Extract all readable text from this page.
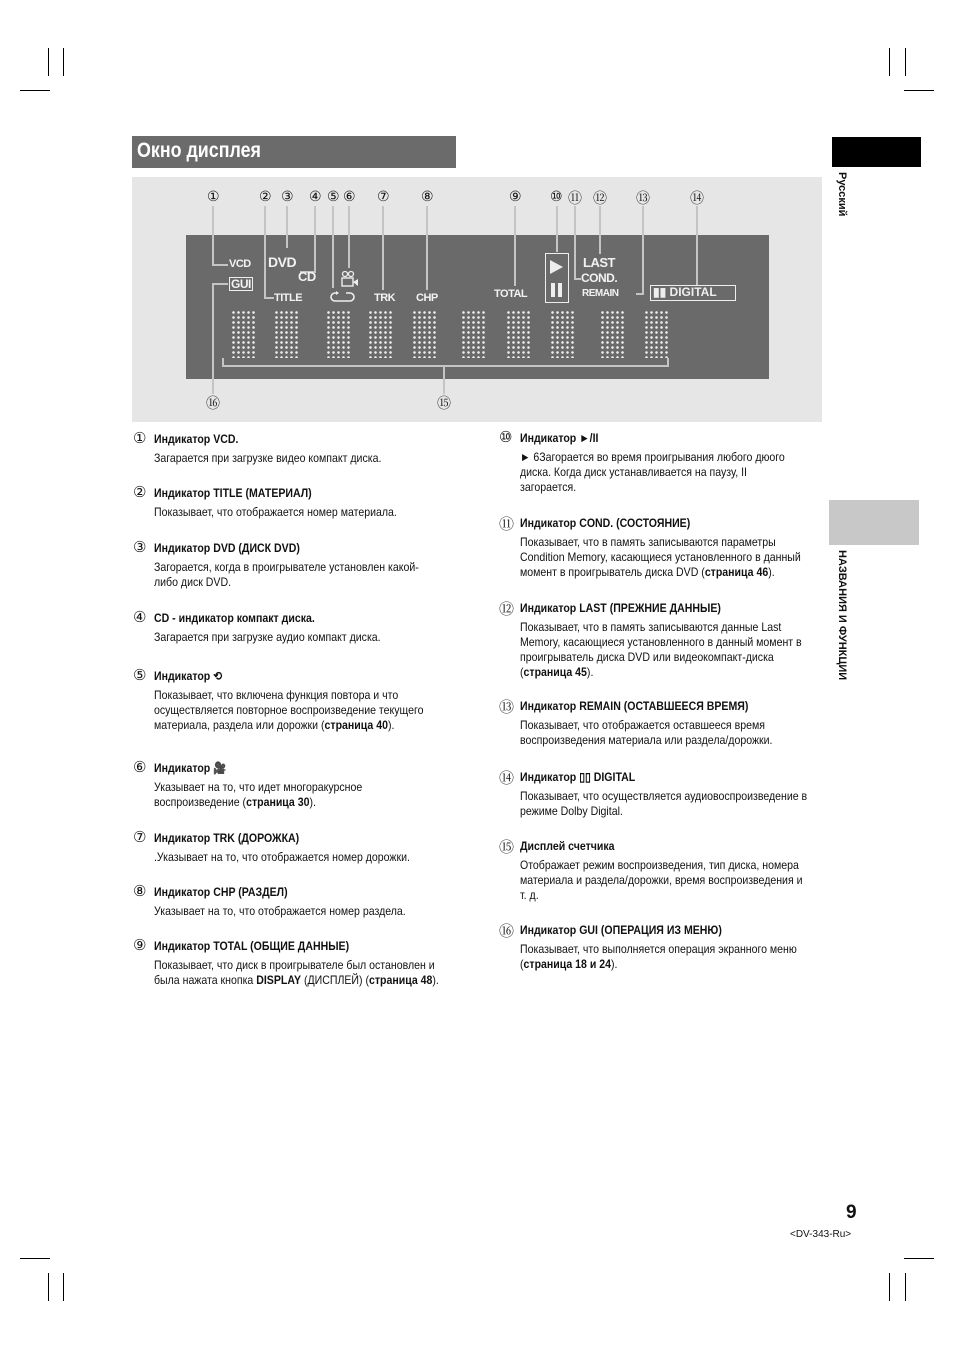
Окно дисплея
Русский
НАЗВАНИЯ И ФУНКЦИИ
①	② ③ ④ ⑤ ⑥ ⑦ ⑧	⑨ ⑩ ⑪ ⑫ ⑬	⑭
⑮
⑯
VCD
GUI
DVD
CD
TITLE	TRK CHP	TOTAL
LAST
COND.
REMAIN	▮▮ DIGITAL
① Индикатор VCD.
Загарается при загрузке видео компакт диска.
② Индикатор TITLE (МАТЕРИАЛ)
Показывает, что отображается номер материала.
③ Индикатор DVD (ДИСК DVD)
Загорается, когда в проигрывателе установлен какой-
либо диск DVD.
④ CD - индикатор компакт диска.
Загарается при загрузке аудио компакт диска.
⑤ Индикатор ⟲
Показывает, что включена функция повтора и что
осуществляется повторное воспроизведение текущего
материала, раздела или дорожки (страница 40).
⑥ Индикатор 🎥
Указывает на то, что идет многоракурсное
воспроизведение (страница 30).
⑦ Индикатор TRK (ДОРОЖКА)
.Указывает на то, что отображается номер дорожки.
⑧ Индикатор CHP (РАЗДЕЛ)
Указывает на то, что отображается номер раздела.
⑨ Индикатор TOTAL (ОБЩИЕ ДАННЫЕ)
Показывает, что диск в проигрывателе был остановлен и
была нажата кнопка DISPLAY (ДИСПЛЕЙ) (страница 48).
⑩ Индикатор ►/II
► 6Загорается во время проигрывания любого дюого
диска. Когда диск устанавливается на паузу, II
загорается.
⑪ Индикатор COND. (СОСТОЯНИЕ)
Показывает, что в память записываются параметры
Condition Memory, касающиеся установленного в данный
момент в проигрыватель диска DVD (страница 46).
⑫ Индикатор LAST (ПРЕЖНИЕ ДАННЫЕ)
Показывает, что в память записываются данные Last
Memory, касающиеся установленного в данный момент в
проигрыватель диска DVD или видеокомпакт-диска
(страница 45).
⑬ Индикатор REMAIN (ОСТАВШЕЕСЯ ВРЕМЯ)
Показывает, что отображается оставшееся время
воспроизведения материала или раздела/дорожки.
⑭ Индикатор ▯▯ DIGITAL
Показывает, что осуществляется аудиовоспроизведение в
режиме Dolby Digital.
⑮ Дисплей счетчика
Отображает режим воспроизведения, тип диска, номера
материала и раздела/дорожки, время воспроизведения и
т. д.
⑯ Индикатор GUI (ОПЕРАЦИЯ ИЗ МЕНЮ)
Показывает, что выполняется операция экранного меню
(страница 18 и 24).
9
<DV-343-Ru>
